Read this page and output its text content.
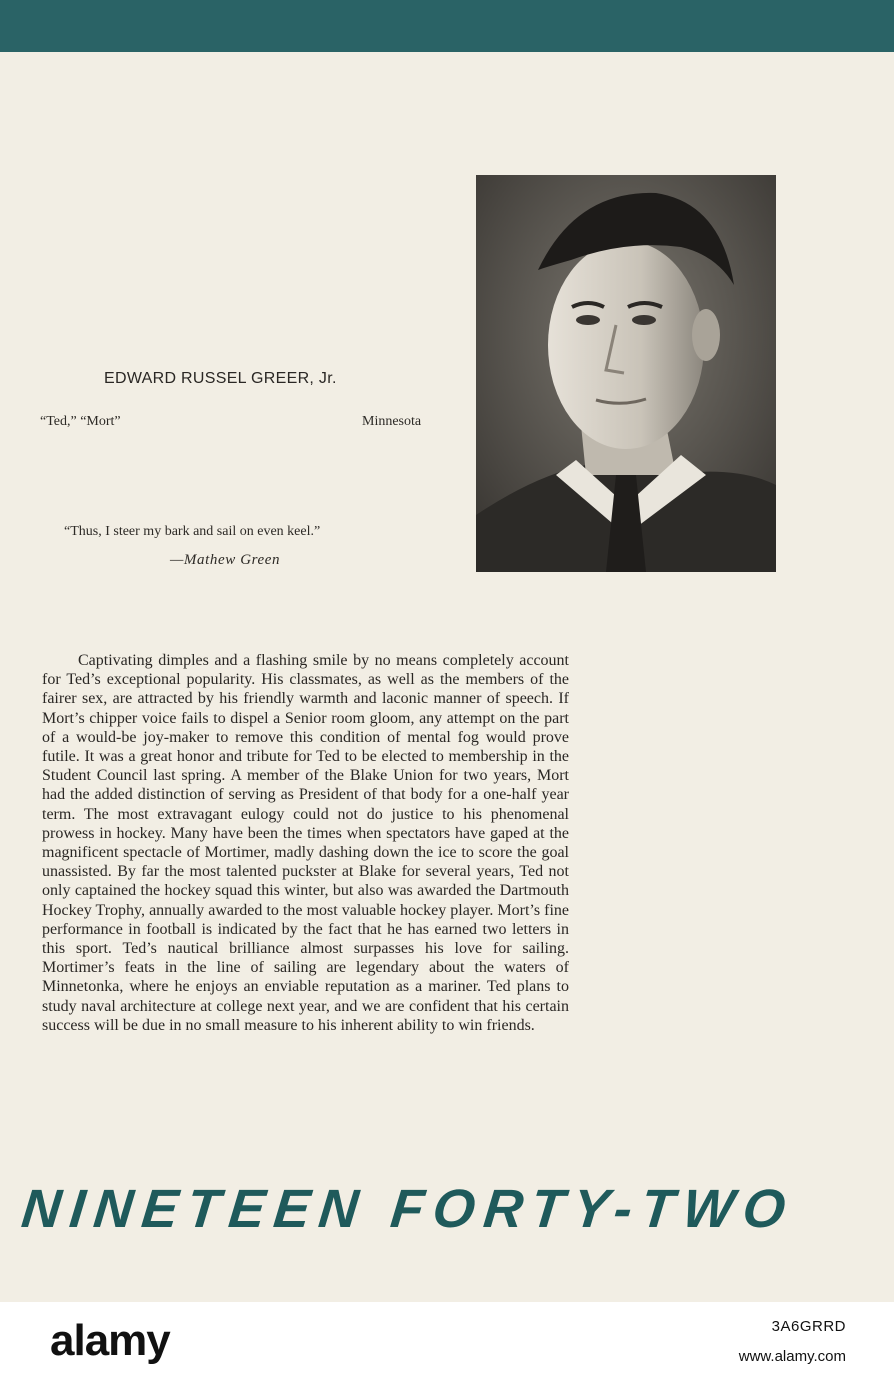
EDWARD RUSSEL GREER, Jr.
“Ted,” “Mort”	Minnesota
“Thus, I steer my bark and sail on even keel.”
—Mathew Green

Captivating dimples and a flashing smile by no means completely account for Ted’s exceptional popularity. His classmates, as well as the members of the fairer sex, are attracted by his friendly warmth and laconic manner of speech. If Mort’s chipper voice fails to dispel a Senior room gloom, any attempt on the part of a would-be joy-maker to remove this condition of mental fog would prove futile. It was a great honor and tribute for Ted to be elected to membership in the Student Council last spring. A member of the Blake Union for two years, Mort had the added distinction of serving as President of that body for a one-half year term. The most extravagant eulogy could not do justice to his phenomenal prowess in hockey. Many have been the times when spectators have gaped at the magnificent spectacle of Mortimer, madly dashing down the ice to score the goal unassisted. By far the most talented puckster at Blake for several years, Ted not only captained the hockey squad this winter, but also was awarded the Dartmouth Hockey Trophy, annually awarded to the most valuable hockey player. Mort’s fine performance in football is indicated by the fact that he has earned two letters in this sport. Ted’s nautical brilliance almost surpasses his love for sailing. Mortimer’s feats in the line of sailing are legendary about the waters of Minnetonka, where he enjoys an enviable reputation as a mariner. Ted plans to study naval architecture at college next year, and we are confident that his certain success will be due in no small measure to his inherent ability to win friends.

NINETEEN FORTY-TWO
alamy	3A6GRRD
www.alamy.com
